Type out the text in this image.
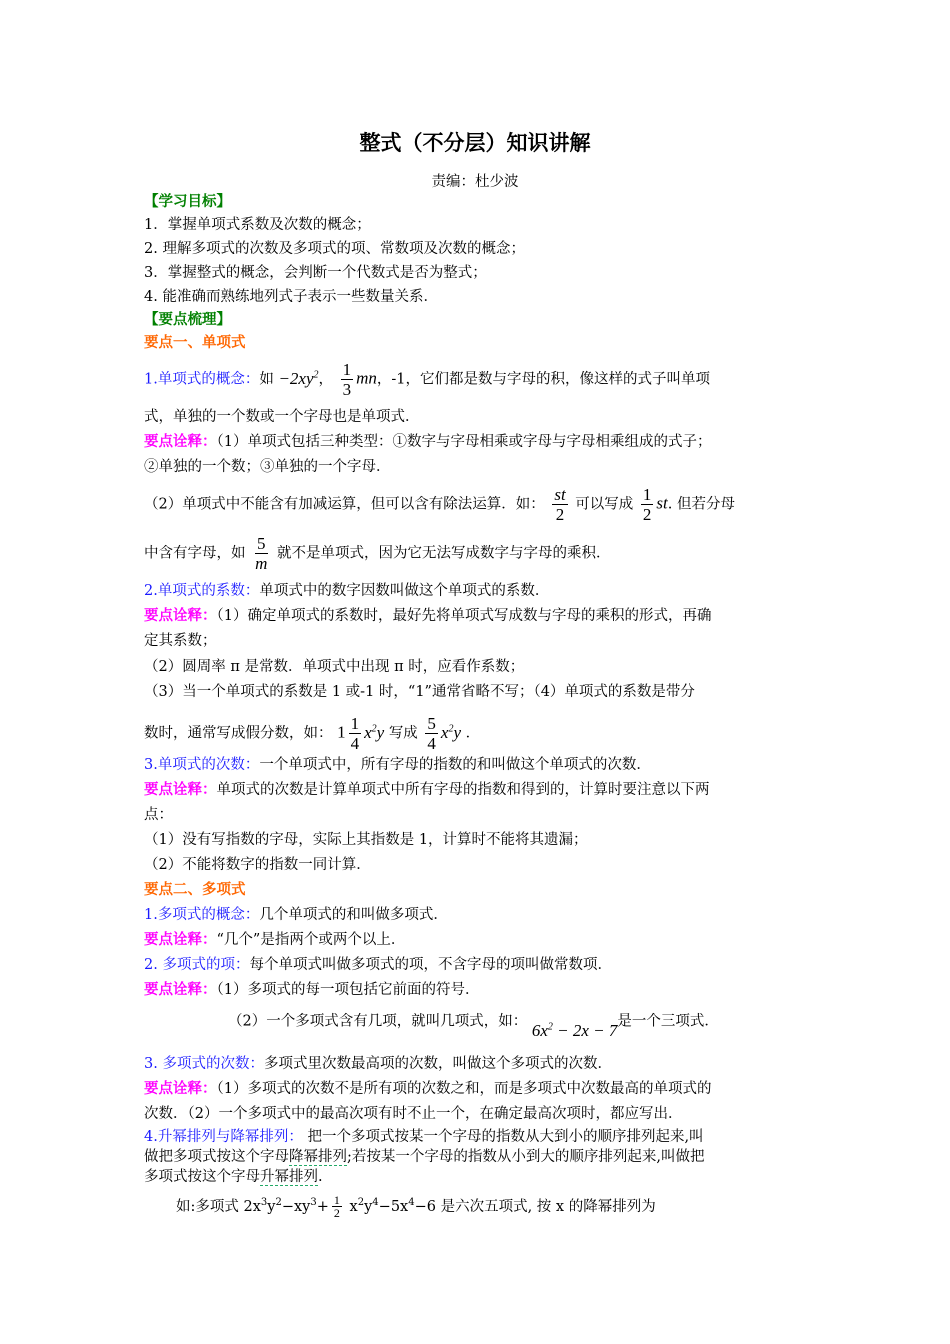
整式（不分层）知识讲解
责编：杜少波
【学习目标】
1．掌握单项式系数及次数的概念；
2. 理解多项式的次数及多项式的项、常数项及次数的概念；
3．掌握整式的概念，会判断一个代数式是否为整式；
4. 能准确而熟练地列式子表示一些数量关系．
【要点梳理】
要点一、单项式
1.单项式的概念：如 $-2xy^2$， $\frac{1}{3}$ mn，-1，它们都是数与字母的积，像这样的式子叫单项
式，单独的一个数或一个字母也是单项式．
要点诠释：（1）单项式包括三种类型：①数字与字母相乘或字母与字母相乘组成的式子；
②单独的一个数；③单独的一个字母．
（2）单项式中不能含有加减运算，但可以含有除法运算．如： $\frac{st}{2}$ 可以写成 $\frac{1}{2}$ st. 但若分母
中含有字母，如 $\frac{5}{m}$ 就不是单项式，因为它无法写成数字与字母的乘积．
2.单项式的系数：单项式中的数字因数叫做这个单项式的系数．
要点诠释：（1）确定单项式的系数时，最好先将单项式写成数与字母的乘积的形式，再确
定其系数；
（2）圆周率 π 是常数．单项式中出现 π 时，应看作系数；
（3）当一个单项式的系数是 1 或-1 时，“1”通常省略不写；（4）单项式的系数是带分
数时，通常写成假分数，如： $1 \frac{1}{4} x^2y$ 写成 $\frac{5}{4} x^2y$ ．
3.单项式的次数：一个单项式中，所有字母的指数的和叫做这个单项式的次数．
要点诠释：单项式的次数是计算单项式中所有字母的指数和得到的，计算时要注意以下两
点：
（1）没有写指数的字母，实际上其指数是 1，计算时不能将其遗漏；
（2）不能将数字的指数一同计算．
要点二、多项式
1.多项式的概念：几个单项式的和叫做多项式．
要点诠释：“几个”是指两个或两个以上．
2. 多项式的项：每个单项式叫做多项式的项，不含字母的项叫做常数项．
要点诠释：（1）多项式的每一项包括它前面的符号．
（2）一个多项式含有几项，就叫几项式，如： $6x^2 - 2x - 7$是一个三项式．
3. 多项式的次数：多项式里次数最高项的次数，叫做这个多项式的次数．
要点诠释：（1）多项式的次数不是所有项的次数之和，而是多项式中次数最高的单项式的
次数．（2）一个多项式中的最高次项有时不止一个，在确定最高次项时，都应写出．
4.升幂排列与降幂排列： 把一个多项式按某一个字母的指数从大到小的顺序排列起来,叫
做把多项式按这个字母降幂排列;若按某一个字母的指数从小到大的顺序排列起来,叫做把
多项式按这个字母升幂排列.
如:多项式 $2x^3y^2-xy^3+ \frac{1}{2} x^2y^4-5x^4-6$ 是六次五项式, 按 x 的降幂排列为
